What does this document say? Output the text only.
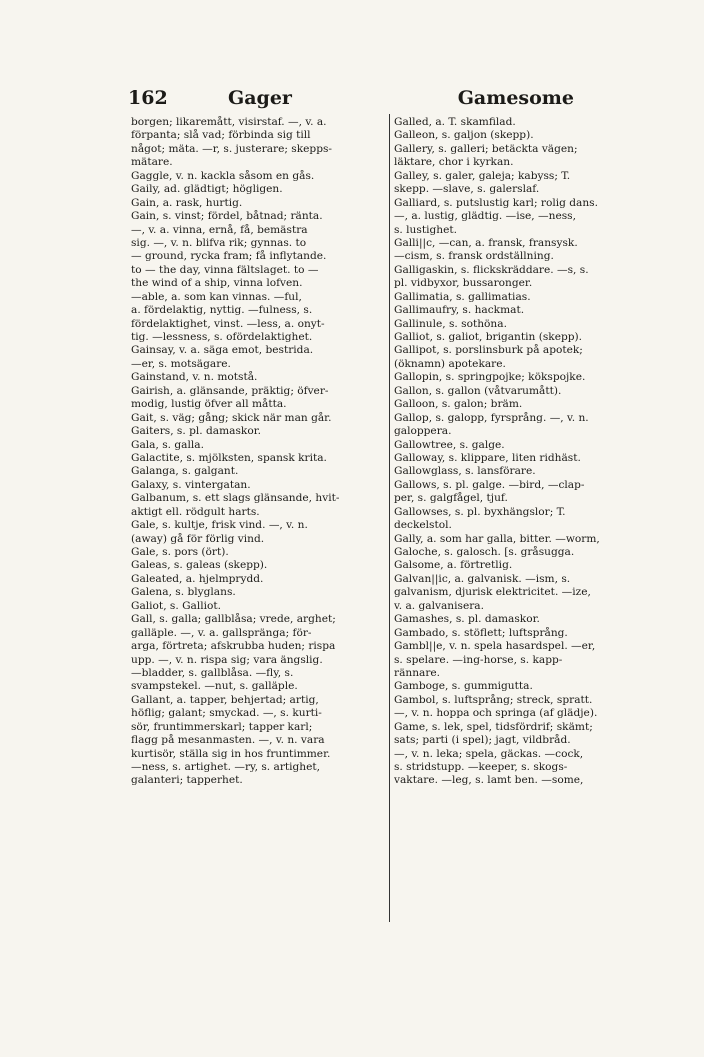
162	Gager	Gamesome
borgen; likaremått, visirstaf. —, v. a.
förpanta; slå vad; förbinda sig till
något; mäta. —r, s. justerare; skepps-
mätare.
Gaggle, v. n. kackla såsom en gås.
Gaily, ad. glädtigt; högligen.
Gain, a. rask, hurtig.
Gain, s. vinst; fördel, båtnad; ränta.
—, v. a. vinna, ernå, få, bemästra
sig. —, v. n. blifva rik; gynnas. to
— ground, rycka fram; få inflytande.
to — the day, vinna fältslaget. to —
the wind of a ship, vinna lofven.
—able, a. som kan vinnas. —ful,
a. fördelaktig, nyttig. —fulness, s.
fördelaktighet, vinst. —less, a. onyt-
tig. —lessness, s. ofördelaktighet.
Gainsay, v. a. säga emot, bestrida.
—er, s. motsägare.
Gainstand, v. n. motstå.
Gairish, a. glänsande, präktig; öfver-
modig, lustig öfver all måtta.
Gait, s. väg; gång; skick när man går.
Gaiters, s. pl. damaskor.
Gala, s. galla.
Galactite, s. mjölksten, spansk krita.
Galanga, s. galgant.
Galaxy, s. vintergatan.
Galbanum, s. ett slags glänsande, hvit-
aktigt ell. rödgult harts.
Gale, s. kultje, frisk vind. —, v. n.
(away) gå för förlig vind.
Gale, s. pors (ört).
Galeas, s. galeas (skepp).
Galeated, a. hjelmprydd.
Galena, s. blyglans.
Galiot, s. Galliot.
Gall, s. galla; gallblåsa; vrede, arghet;
galläple. —, v. a. gallspränga; för-
arga, förtreta; afskrubba huden; rispa
upp. —, v. n. rispa sig; vara ängslig.
—bladder, s. gallblåsa. —fly, s.
svampstekel. —nut, s. galläple.
Gallant, a. tapper, behjertad; artig,
höflig; galant; smyckad. —, s. kurti-
sör, fruntimmerskarl; tapper karl;
flagg på mesanmasten. —, v. n. vara
kurtisör, ställa sig in hos fruntimmer.
—ness, s. artighet. —ry, s. artighet,
galanteri; tapperhet.
Galled, a. T. skamfilad.
Galleon, s. galjon (skepp).
Gallery, s. galleri; betäckta vägen;
läktare, chor i kyrkan.
Galley, s. galer, galeja; kabyss; T.
skepp. —slave, s. galerslaf.
Galliard, s. putslustig karl; rolig dans.
—, a. lustig, glädtig. —ise, —ness,
s. lustighet.
Galli||c, —can, a. fransk, fransysk.
—cism, s. fransk ordställning.
Galligaskin, s. flickskräddare. —s, s.
pl. vidbyxor, bussaronger.
Gallimatia, s. gallimatias.
Gallimaufry, s. hackmat.
Gallinule, s. sothöna.
Galliot, s. galiot, brigantin (skepp).
Gallipot, s. porslinsburk på apotek;
(öknamn) apotekare.
Gallopin, s. springpojke; kökspojke.
Gallon, s. gallon (våtvarumått).
Galloon, s. galon; bräm.
Gallop, s. galopp, fyrsprång. —, v. n.
galoppera.
Gallowtree, s. galge.
Galloway, s. klippare, liten ridhäst.
Gallowglass, s. lansförare.
Gallows, s. pl. galge. —bird, —clap-
per, s. galgfågel, tjuf.
Gallowses, s. pl. byxhängslor; T.
deckelstol.
Gally, a. som har galla, bitter. —worm,
Galoche, s. galosch. [s. gråsugga.
Galsome, a. förtretlig.
Galvan||ic, a. galvanisk. —ism, s.
galvanism, djurisk elektricitet. —ize,
v. a. galvanisera.
Gamashes, s. pl. damaskor.
Gambado, s. stöflett; luftsprång.
Gambl||e, v. n. spela hasardspel. —er,
s. spelare. —ing-horse, s. kapp-
rännare.
Gamboge, s. gummigutta.
Gambol, s. luftsprång; streck, spratt.
—, v. n. hoppa och springa (af glädje).
Game, s. lek, spel, tidsfördrif; skämt;
sats; parti (i spel); jagt, vildbråd.
—, v. n. leka; spela, gäckas. —cock,
s. stridstupp. —keeper, s. skogs-
vaktare. —leg, s. lamt ben. —some,
